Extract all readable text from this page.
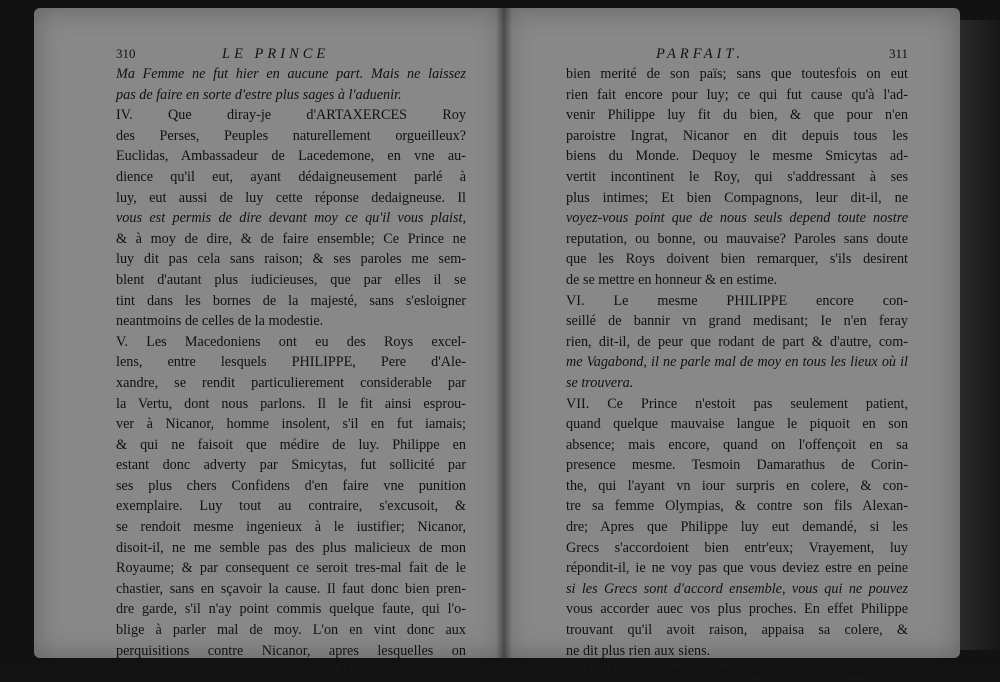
310	LE PRINCE
Ma Femme ne fut hier en aucune part. Mais ne laissez
pas de faire en sorte d'estre plus sages à l'aduenir.
IV. Que diray-je d'ARTAXERCES Roy
des Perses, Peuples naturellement orgueilleux?
Euclidas, Ambassadeur de Lacedemone, en vne au-
dience qu'il eut, ayant dédaigneusement parlé à
luy, eut aussi de luy cette réponse dedaigneuse. Il
vous est permis de dire devant moy ce qu'il vous plaist,
& à moy de dire, & de faire ensemble; Ce Prince ne
luy dit pas cela sans raison; & ses paroles me sem-
blent d'autant plus iudicieuses, que par elles il se
tint dans les bornes de la majesté, sans s'esloigner
neantmoins de celles de la modestie.
V. Les Macedoniens ont eu des Roys excel-
lens, entre lesquels PHILIPPE, Pere d'Ale-
xandre, se rendit particulierement considerable par
la Vertu, dont nous parlons. Il le fit ainsi esprou-
ver à Nicanor, homme insolent, s'il en fut iamais;
& qui ne faisoit que médire de luy. Philippe en
estant donc adverty par Smicytas, fut sollicité par
ses plus chers Confidens d'en faire vne punition
exemplaire. Luy tout au contraire, s'excusoit, &
se rendoit mesme ingenieux à le iustifier; Nicanor,
disoit-il, ne me semble pas des plus malicieux de mon
Royaume; & par consequent ce seroit tres-mal fait de le
chastier, sans en sçavoir la cause. Il faut donc bien pren-
dre garde, s'il n'ay point commis quelque faute, qui l'o-
blige à parler mal de moy. L'on en vint donc aux
perquisitions contre Nicanor, apres lesquelles on
trouva que c'estoit vn pauvre Homme, qui avoit
PARFAIT.	311
bien merité de son païs; sans que toutesfois on eut
rien fait encore pour luy; ce qui fut cause qu'à l'ad-
venir Philippe luy fit du bien, & que pour n'en
paroistre Ingrat, Nicanor en dit depuis tous les
biens du Monde. Dequoy le mesme Smicytas ad-
vertit incontinent le Roy, qui s'addressant à ses
plus intimes; Et bien Compagnons, leur dit-il, ne
voyez-vous point que de nous seuls depend toute nostre
reputation, ou bonne, ou mauvaise? Paroles sans doute
que les Roys doivent bien remarquer, s'ils desirent
de se mettre en honneur & en estime.
VI. Le mesme PHILIPPE encore con-
seillé de bannir vn grand medisant; Ie n'en feray
rien, dit-il, de peur que rodant de part & d'autre, com-
me Vagabond, il ne parle mal de moy en tous les lieux où il
se trouvera.
VII. Ce Prince n'estoit pas seulement patient,
quand quelque mauvaise langue le piquoit en son
absence; mais encore, quand on l'offençoit en sa
presence mesme. Tesmoin Damarathus de Corin-
the, qui l'ayant vn iour surpris en colere, & con-
tre sa femme Olympias, & contre son fils Alexan-
dre; Apres que Philippe luy eut demandé, si les
Grecs s'accordoient bien entr'eux; Vrayement, luy
répondit-il, ie ne voy pas que vous deviez estre en peine
si les Grecs sont d'accord ensemble, vous qui ne pouvez
vous accorder auec vos plus proches. En effet Philippe
trouvant qu'il avoit raison, appaisa sa colere, &
ne dit plus rien aux siens.
VIII. Le mesme eslevé sur son Tribunal, d'où
